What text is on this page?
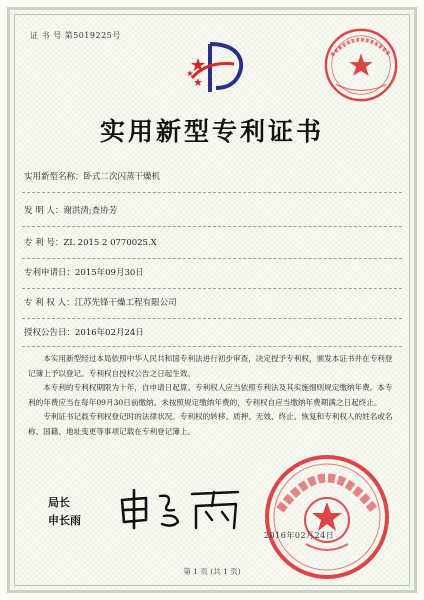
证 书 号 第5019225号
实用新型专利证书
实用新型名称：卧式二次闪蒸干燥机
发 明 人：谢洪清;查协芳
专 利 号：ZL 2015 2 0770025.X
专利申请日：2015年09月30日
专 利 权 人：江苏先锋干燥工程有限公司
授权公告日：2016年02月24日

本实用新型经过本局依照中华人民共和国专利法进行初步审查，决定授予专利权，颁发本证书并在专利登记簿上予以登记。专利权自授权公告之日起生效。

本专利的专利权期限为十年，自申请日起算。专利权人应当依照专利法及其实施细则规定缴纳年费。本专利的年费应当在每年09月30日前缴纳。未按照规定缴纳年费的，专利权自应当缴纳年费期满之日起终止。

专利证书记载专利权登记时的法律状况。专利权的转移、质押、无效、终止、恢复和专利权人的姓名或名称、国籍、地址变更等事项记载在专利登记簿上。

局长
申长雨
2016年02月24日
第 1 页 (共 1 页)
